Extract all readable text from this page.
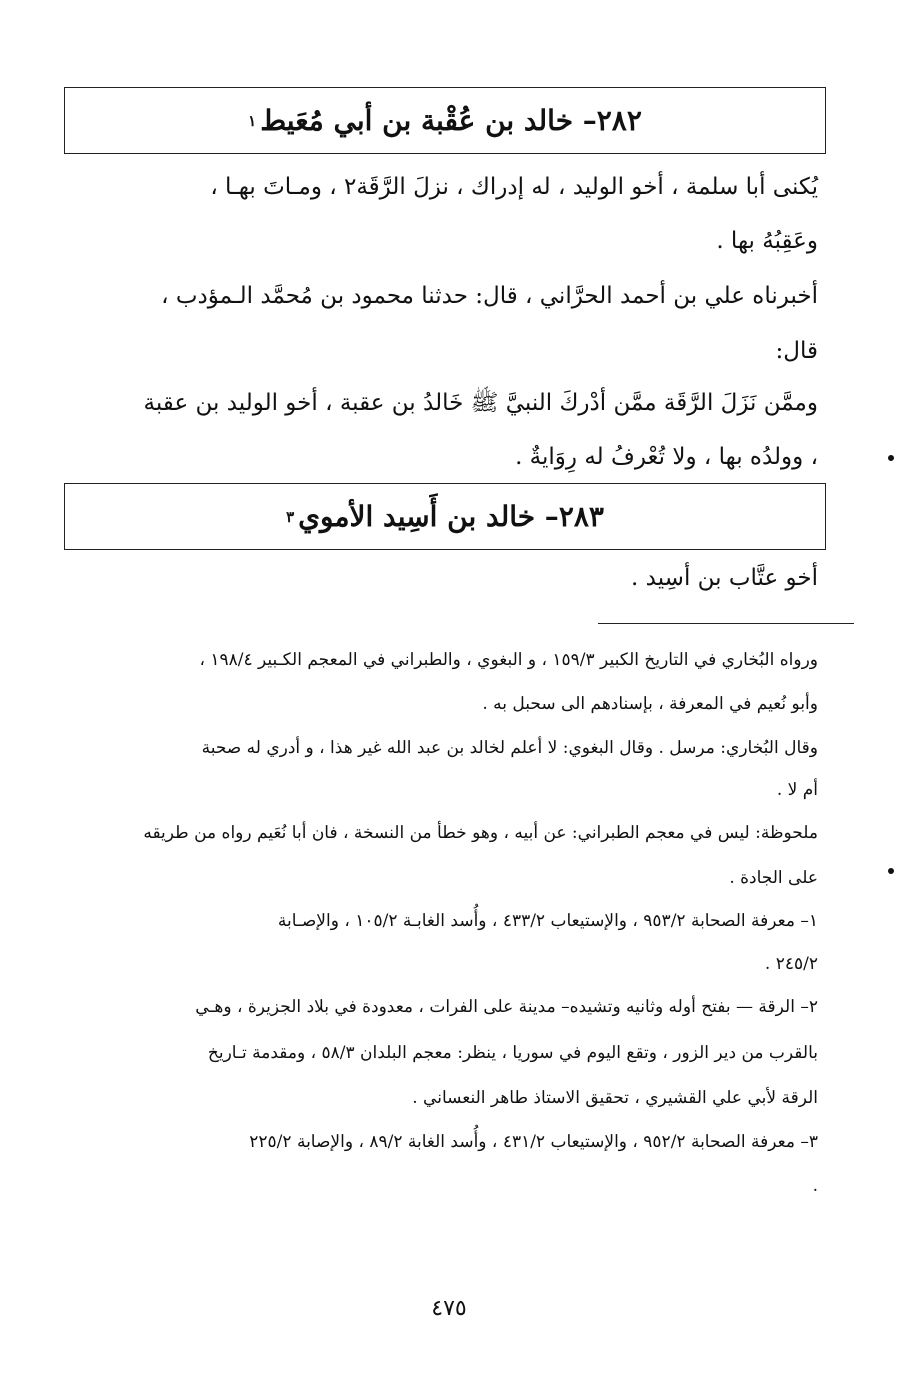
٢٨٢– خالد بن عُقْبة بن أبي مُعَيط
١
يُكنى أبا سلمة ، أخو الوليد ، له إدراك ، نزلَ الرَّقَة٢ ، ومـاتَ بهـا ،
وعَقِبُهُ بها .
أخبرناه علي بن أحمد الحرَّاني ، قال: حدثنا محمود بن مُحمَّد الـمؤدب ،
قال:
وممَّن نَزَلَ الرَّقَة ممَّن أدْركَ النبيَّ ﷺ خَالدُ بن عقبة ، أخو الوليد بن عقبة
، وولدُه بها ، ولا تُعْرفُ له رِوَايةٌ .
٢٨٣– خالد بن أَسِيد الأموي
٣
أخو عتَّاب بن أسِيد .
ورواه البُخاري في التاريخ الكبير ١٥٩/٣ ، و البغوي ، والطبراني في المعجم الكـبير ١٩٨/٤ ،
وأبو نُعيم في المعرفة ، بإسنادهم الى سحبل به .
وقال البُخاري: مرسل . وقال البغوي: لا أعلم لخالد بن عبد الله غير هذا ، و أدري له صحبة
أم لا .
ملحوظة: ليس في معجم الطبراني: عن أبيه ، وهو خطأ من النسخة ، فان أبا نُعَيم رواه من طريقه
على الجادة .
١– معرفة الصحابة ٩٥٣/٢ ، والإستيعاب ٤٣٣/٢ ، وأُسد الغابـة ١٠٥/٢ ، والإصـابة
٢٤٥/٢ .
٢– الرقة — بفتح أوله وثانيه وتشيده– مدينة على الفرات ، معدودة في بلاد الجزيرة ، وهـي
بالقرب من دير الزور ، وتقع اليوم في سوريا ، ينظر: معجم البلدان ٥٨/٣ ، ومقدمة تـاريخ
الرقة لأبي علي القشيري ، تحقيق الاستاذ طاهر النعساني .
٣– معرفة الصحابة ٩٥٢/٢ ، والإستيعاب ٤٣١/٢ ، وأُسد الغابة ٨٩/٢ ، والإصابة ٢٢٥/٢
.
٤٧٥
